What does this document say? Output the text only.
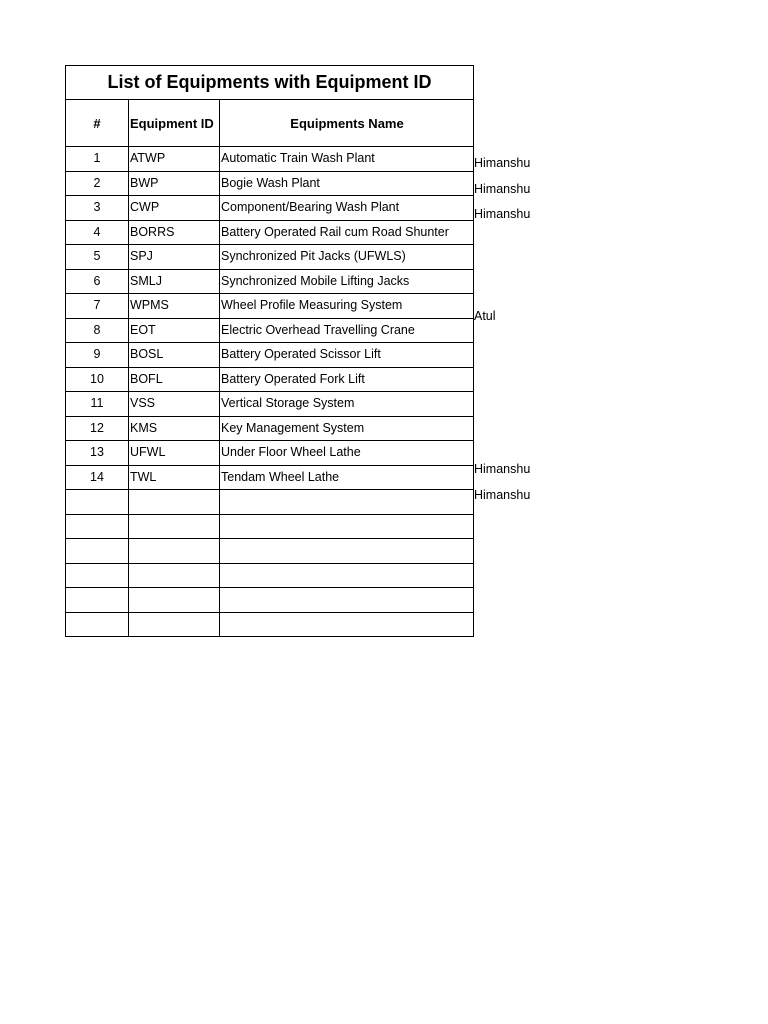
List of Equipments with Equipment ID		
#	Equipment ID	Equipments Name
1	ATWP	Automatic Train Wash Plant
2	BWP	Bogie Wash Plant
3	CWP	Component/Bearing Wash Plant
4	BORRS	Battery Operated Rail cum Road Shunter
5	SPJ	Synchronized Pit Jacks (UFWLS)
6	SMLJ	Synchronized Mobile Lifting Jacks
7	WPMS	Wheel Profile Measuring System
8	EOT	Electric Overhead Travelling Crane
9	BOSL	Battery Operated Scissor Lift
10	BOFL	Battery Operated Fork Lift
11	VSS	Vertical Storage System
12	KMS	Key Management System
13	UFWL	Under Floor Wheel Lathe
14	TWL	Tendam Wheel Lathe

Himanshu
Himanshu
Himanshu
Atul
Himanshu
Himanshu
